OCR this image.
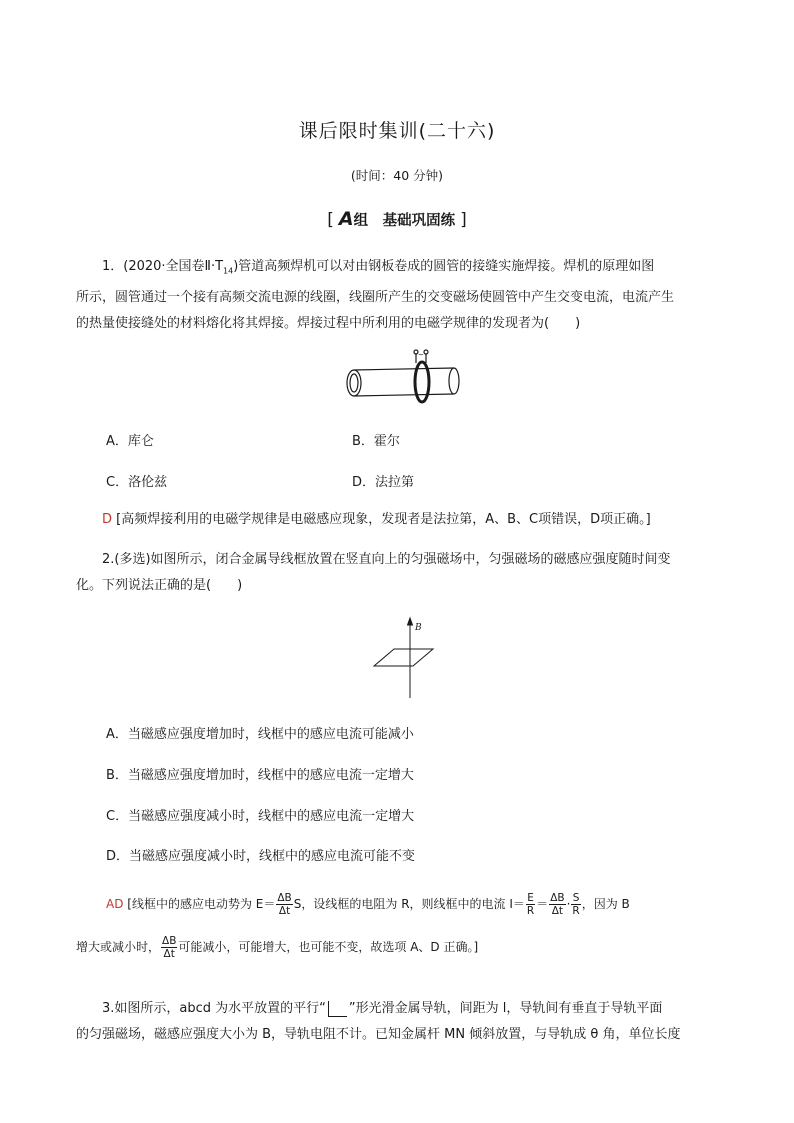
课后限时集训(二十六)
(时间：40 分钟)
[ A组　基础巩固练 ]
1．(2020·全国卷$Ⅱ\cdot T_{14}$)管道高频焊机可以对由钢板卷成的圆管的接缝实施焊接。焊机的原理如图
所示，圆管通过一个接有高频交流电源的线圈，线圈所产生的交变磁场使圆管中产生交变电流，电流产生
的热量使接缝处的材料熔化将其焊接。焊接过程中所利用的电磁学规律的发现者为(　　)
~
A．库仑	B．霍尔
C．洛伦兹	D．法拉第
D [高频焊接利用的电磁学规律是电磁感应现象，发现者是法拉第，A、B、C项错误，D项正确。]
2.(多选)如图所示，闭合金属导线框放置在竖直向上的匀强磁场中，匀强磁场的磁感应强度随时间变
化。下列说法正确的是(　　)
B
A．当磁感应强度增加时，线框中的感应电流可能减小
B．当磁感应强度增加时，线框中的感应电流一定增大
C．当磁感应强度减小时，线框中的感应电流一定增大
D．当磁感应强度减小时，线框中的感应电流可能不变
AD [线框中的感应电动势为 $E= \frac{\Delta B}{\Delta t}$ S，设线框的电阻为 R，则线框中的电流 $I= \frac{E}{R} = \frac{\Delta B}{\Delta t} \cdot \frac{S}{R}$ ，因为 B
增大或减小时， $\frac{\Delta B}{\Delta t}$ 可能减小，可能增大，也可能不变，故选项 A、D 正确。]
3.如图所示，abcd 为水平放置的平行“ ”形光滑金属导轨，间距为 l，导轨间有垂直于导轨平面
的匀强磁场，磁感应强度大小为 B，导轨电阻不计。已知金属杆 MN 倾斜放置，与导轨成 θ 角，单位长度
